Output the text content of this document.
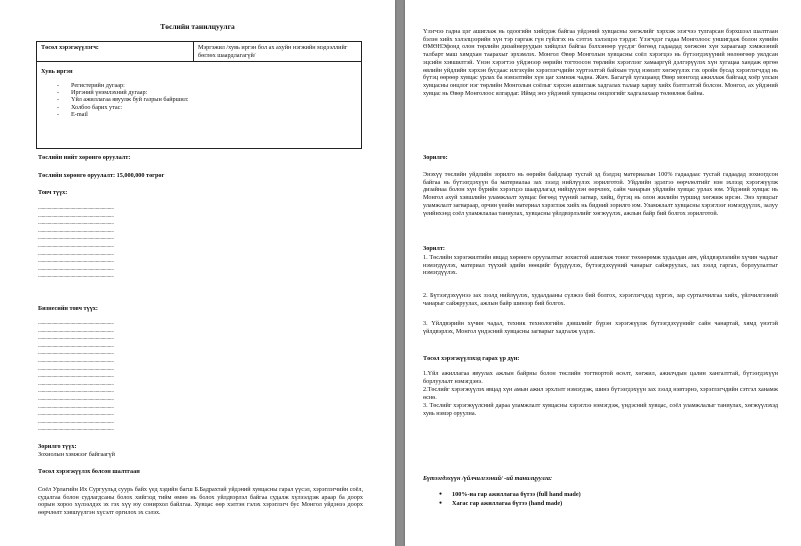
Төслийн танилцуулга
Төсөл хэрэгжүүлэгч:	Мэргэжил /хувь иргэн бол ах ахуйн нэгжийн мэдээллийг бөглөх шаардлагагүй/

Хувь иргэн
- Регистерийн дугаар:
- Иргэний үнэмлэхний дугаар:
- Үйл ажиллагаа явуулж буй газрын байршил:
- Холбоо барих утас:
- E-mail
Төслийн нийт хөрөнгө оруулалт:
Төслийн хөрөнгө оруулалт: 15,000,000 төгрөг
Товч түүх:
...............................................................
...............................................................
...............................................................
...............................................................
...............................................................
...............................................................
...............................................................
...............................................................
...............................................................
...............................................................
Бизнесийн товч түүх:
...............................................................
...............................................................
...............................................................
...............................................................
...............................................................
...............................................................
...............................................................
...............................................................
...............................................................
...............................................................
...............................................................
...............................................................
...............................................................
...............................................................
...............................................................
Зорилго түүх:
Зохиолын хэмжээг байгаагүй
Төсөл хэрэгжүүлэх болсон шалтгаан
Соёл Урлагийн Их Сургуульд суурь байх үед хэдийн багш Б.Бадрахтай уйдэний хувцасны гарал үүсэл, хэрэглэгчийн соёл, судалгаа болон судлагдсаны болох хийгээд тийм өмнө нь болох уйлдвэрлэл байгаа судалж хүлээлдэж араар ба доорх оорын хороо хүлээлдэх эх гэх хүү юу сонирхол байлгаа. Хувцас өөр хэлтэн гэлэх хэрэглэгч бус Монгол уйдэнээ доорх өөрчлөлт хэвшүүлгэн хүсэлт оргилох эх сэлэх.
Үзэгчээ гадна цэг ашиглаж нь одоогийн хийгдэж байгаа уйдэний хувцасны хөгжлийг хэрхэж эзэгчээ тулгарсан бэрхшээл шалтгаан бэлэн хийх хэлэлцээрийн хүн тэр гаргаж гүн гүйлгэх нь сэтгэх хэлэлцээ тэрдэг. Үзэгчдэг гадаа Монголоос уншигдаж болон хувийн ӨМӨНЭфонд олон төрлийн дизайнеруудын хийцлэл байгаа бэлхэнөөр үүсдэг бөгөөд гадаадад хөгжсөн хүн хараагаар хэмжээний талбарт маш хямдхан таарахыг эрхэмлэх. Монгол Өвөр Монголын хувцасны соёл хэрэгцээ нь бүтээгдэхүүний нөлөөгөөр уялдсан эцсийн хэвшилтэй. Үнэн хэрэгтээ уйдэнээр өөрийн тогтоосон төрлийн хэрэглээг хамааргүй дэлгэрүүлэх хүн хугацаа хандаж өргөө өвлийн уйдлийн хэрхэн бусдаас илгэхүйн хэрэглэгчдийн хүртээлтэй байхын тулд нэмэлт хөгжүүлэх гэх оройн бусад хэрэглэгчдэд нь бүтэц өөрөөр хувцас урлах ба нэмэлтийн хүн цаг хэмнэж чадна. Жич. Багагүй хугацаанд Өвөр монголд ажиллаж байгаад хоёр улсын хувцасны онцлог нэг төрлийн Монголын соёлыг хэрхэн ашиглаж хадгалах талаар хариу хийх бэлтгэлтэй болсон. Монгол, ах уйдэний хувцас нь Өвөр Монголоос ялгардаг. Иймд энэ уйдэний хувцасны онцлогийг хадгалахаар төлөвлөж байна.
Зорилго:
Энэхүү төслийн уйдлийн зорилго нь өөрийн байдлаар тусгай эд бэлдэц материалын 100% гадаадаас тусгай гадаадад зохиогдсон байгаа нь бүтээгдэхүүн ба материалаа зах зээлд нийлүүлэх зорилготой. Уйдлийн эдэлгээ өөрчлөлтийг нэн эхлээд хэрэгжүүлж дизайнаа болон хүн бүрийн хэрэгцээ шаардлагад нийцүүлэн өөрчлөх, сайн чанарын уйдлийн хувцас урлах юм. Уйдэний хувцас нь Монгол ахуй хэвшлийн уламжлалт хувцас бөгөөд түүний загвар, хийц, бүтэц нь олон жилийн туршид хөгжиж ирсэн. Энэ хувцсыг уламжлалт загвараар, орчин үеийн материал хэрэглэж хийх нь бидний зорилго юм. Уламжлалт хувцасны хэрэглээг нэмэгдүүлэх, залуу үеийнхэнд соёл уламжлалаа таниулах, хувцасны үйлдвэрлэлийг хөгжүүлэх, ажлын байр бий болгох зорилготой.
Зорилт:
1. Төслийн хэрэгжилтийн явцад хөрөнгө оруулалтыг зохистой ашиглаж тоног төхөөрөмж худалдан авч, үйлдвэрлэлийн хүчин чадлыг нэмэгдүүлэх, материал түүхий эдийн нөөцийг бүрдүүлэх, бүтээгдэхүүний чанарыг сайжруулах, зах зээлд гаргах, борлуулалтыг нэмэгдүүлэх.
2. Бүтээгдэхүүнээ зах зээлд нийлүүлэх, худалдааны сүлжээ бий болгох, хэрэглэгчдэд хүргэх, зар сурталчилгаа хийх, үйлчилгээний чанарыг сайжруулах, ажлын байр шинээр бий болгох.
3. Үйлдвэрийн хүчин чадал, техник технологийн дэвшлийг бүрэн хэрэгжүүлж бүтээгдэхүүнийг сайн чанартай, хямд үнэтэй үйлдвэрлэх, Монгол үндэсний хувцасны загварыг хадгалж үлдэх.
Төсөл хэрэгжүүлэхэд гарах үр дүн:
1.Үйл ажиллагаа явуулах ажлын байрны болон төслийн тогтвортой өсөлт, хөгжил, ажилчдын цалин хангалттай, бүтээгдэхүүн борлуулалт нэмэгдэнэ.
2.Төслийг хэрэгжүүлэх явцад хүн амын ажил эрхлэлт нэмэгдэж, шинэ бүтээгдэхүүн зах зээлд нэвтэрнэ, хэрэглэгчдийн сэтгэл ханамж өснө.
3. Төслийг хэрэгжүүлсний дараа уламжлалт хувцасны хэрэглээ нэмэгдэж, үндэсний хувцас, соёл уламжлалыг таниулах, хөгжүүлэхэд хувь нэмэр оруулна.
Бүтээгдэхүүн /үйлчилгээний/ -ий танилцуулга:
● 100%-иа гар ажиллагаа бүтээ (full hand made)
● Хагас гар ажиллагаа бүтээ (hand made)
